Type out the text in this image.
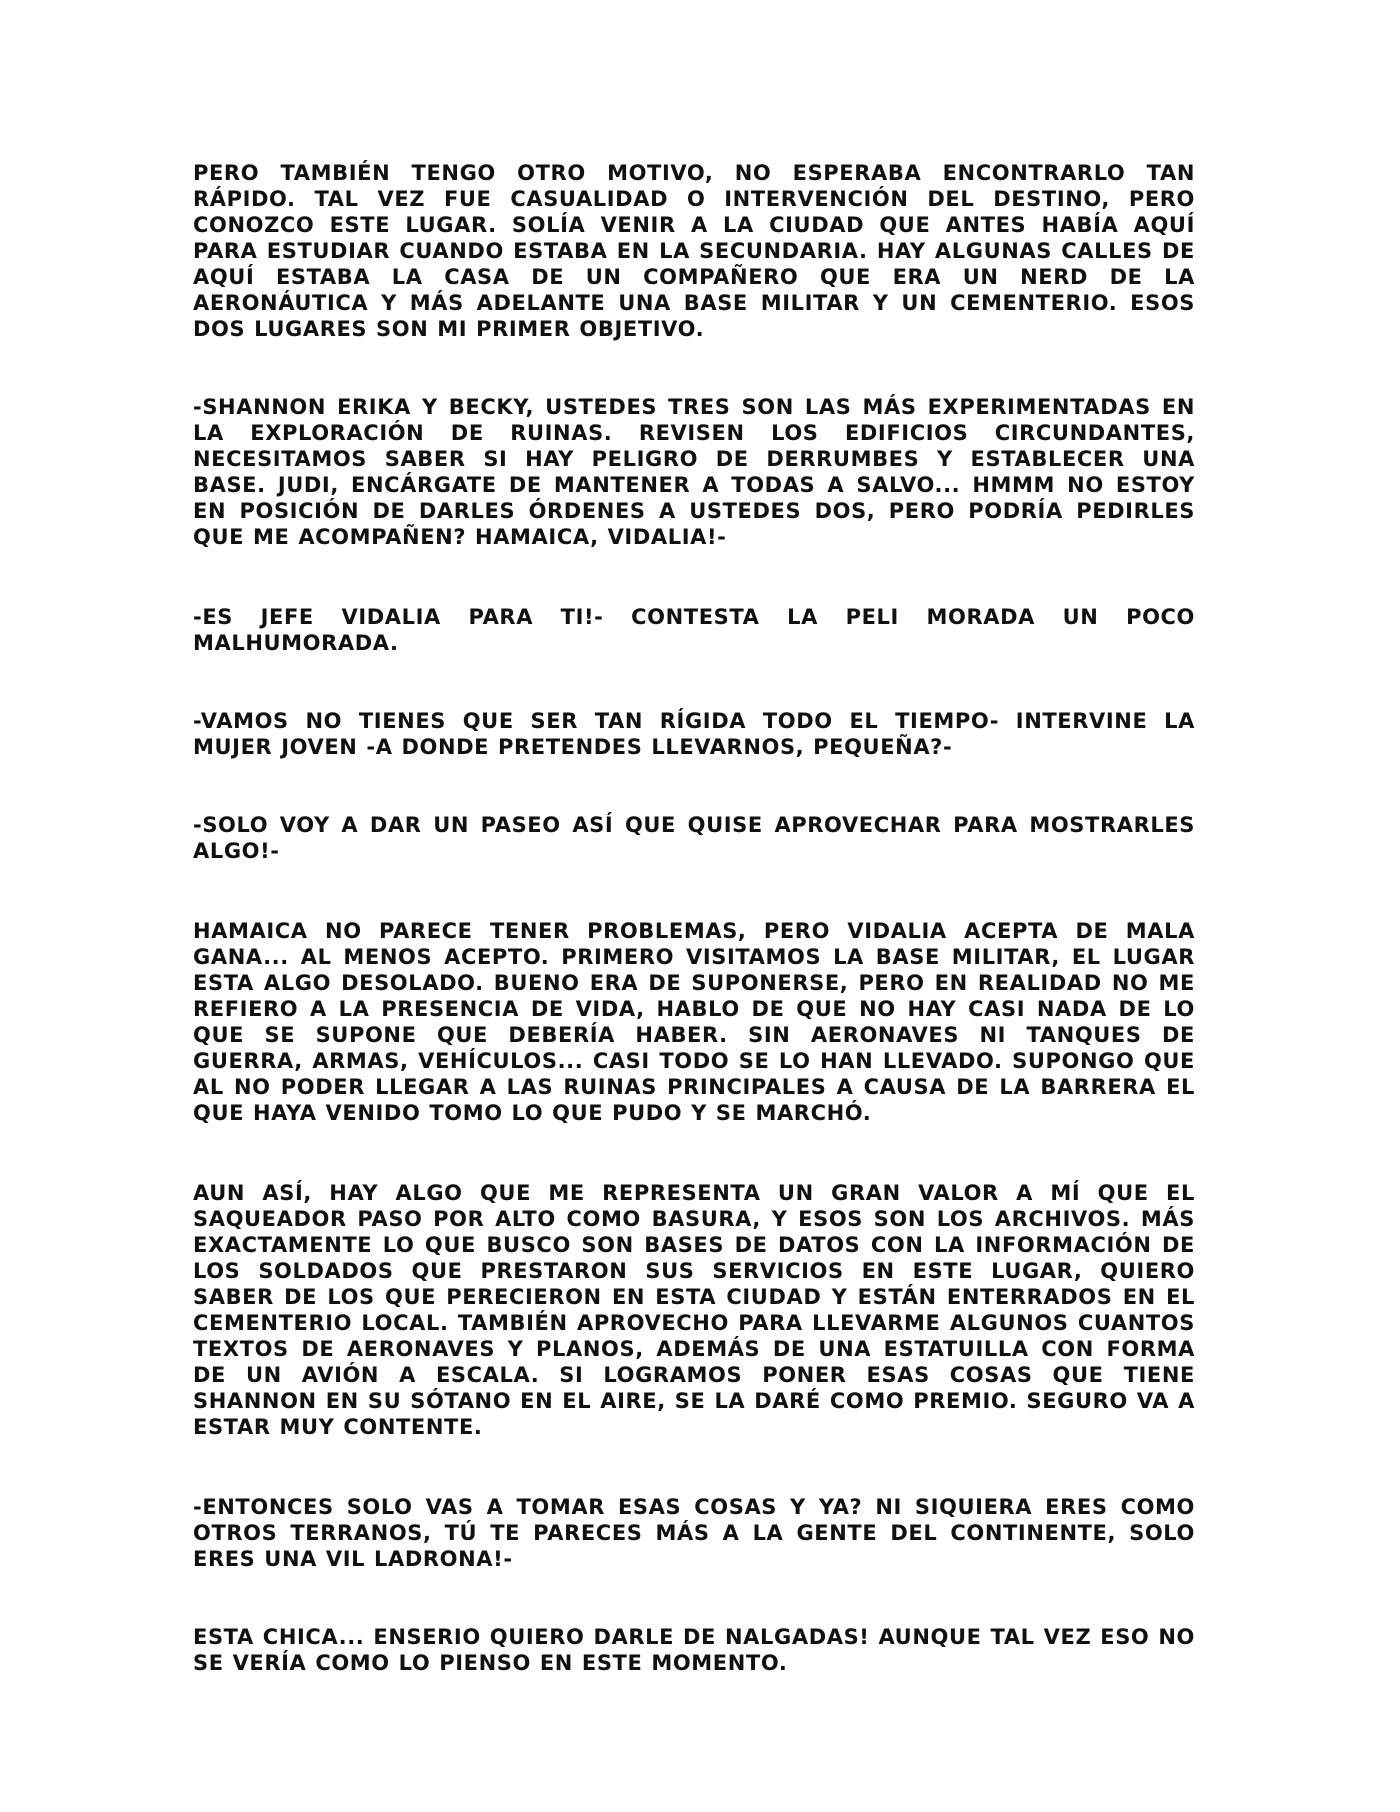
PERO TAMBIÉN TENGO OTRO MOTIVO, NO ESPERABA ENCONTRARLO TAN RÁPIDO. TAL VEZ FUE CASUALIDAD O INTERVENCIÓN DEL DESTINO, PERO CONOZCO ESTE LUGAR. SOLÍA VENIR A LA CIUDAD QUE ANTES HABÍA AQUÍ PARA ESTUDIAR CUANDO ESTABA EN LA SECUNDARIA. HAY ALGUNAS CALLES DE AQUÍ ESTABA LA CASA DE UN COMPAÑERO QUE ERA UN NERD DE LA AERONÁUTICA Y MÁS ADELANTE UNA BASE MILITAR Y UN CEMENTERIO. ESOS DOS LUGARES SON MI PRIMER OBJETIVO.

-SHANNON ERIKA Y BECKY, USTEDES TRES SON LAS MÁS EXPERIMENTADAS EN LA EXPLORACIÓN DE RUINAS. REVISEN LOS EDIFICIOS CIRCUNDANTES, NECESITAMOS SABER SI HAY PELIGRO DE DERRUMBES Y ESTABLECER UNA BASE. JUDI, ENCÁRGATE DE MANTENER A TODAS A SALVO... HMMM NO ESTOY EN POSICIÓN DE DARLES ÓRDENES A USTEDES DOS, PERO PODRÍA PEDIRLES QUE ME ACOMPAÑEN? HAMAICA, VIDALIA!-

-ES JEFE VIDALIA PARA TI!- CONTESTA LA PELI MORADA UN POCO MALHUMORADA.

-VAMOS NO TIENES QUE SER TAN RÍGIDA TODO EL TIEMPO- INTERVINE LA MUJER JOVEN -A DONDE PRETENDES LLEVARNOS, PEQUEÑA?-

-SOLO VOY A DAR UN PASEO ASÍ QUE QUISE APROVECHAR PARA MOSTRARLES ALGO!-

HAMAICA NO PARECE TENER PROBLEMAS, PERO VIDALIA ACEPTA DE MALA GANA... AL MENOS ACEPTO. PRIMERO VISITAMOS LA BASE MILITAR, EL LUGAR ESTA ALGO DESOLADO. BUENO ERA DE SUPONERSE, PERO EN REALIDAD NO ME REFIERO A LA PRESENCIA DE VIDA, HABLO DE QUE NO HAY CASI NADA DE LO QUE SE SUPONE QUE DEBERÍA HABER. SIN AERONAVES NI TANQUES DE GUERRA, ARMAS, VEHÍCULOS... CASI TODO SE LO HAN LLEVADO. SUPONGO QUE AL NO PODER LLEGAR A LAS RUINAS PRINCIPALES A CAUSA DE LA BARRERA EL QUE HAYA VENIDO TOMO LO QUE PUDO Y SE MARCHÓ.

AUN ASÍ, HAY ALGO QUE ME REPRESENTA UN GRAN VALOR A MÍ QUE EL SAQUEADOR PASO POR ALTO COMO BASURA, Y ESOS SON LOS ARCHIVOS. MÁS EXACTAMENTE LO QUE BUSCO SON BASES DE DATOS CON LA INFORMACIÓN DE LOS SOLDADOS QUE PRESTARON SUS SERVICIOS EN ESTE LUGAR, QUIERO SABER DE LOS QUE PERECIERON EN ESTA CIUDAD Y ESTÁN ENTERRADOS EN EL CEMENTERIO LOCAL. TAMBIÉN APROVECHO PARA LLEVARME ALGUNOS CUANTOS TEXTOS DE AERONAVES Y PLANOS, ADEMÁS DE UNA ESTATUILLA CON FORMA DE UN AVIÓN A ESCALA. SI LOGRAMOS PONER ESAS COSAS QUE TIENE SHANNON EN SU SÓTANO EN EL AIRE, SE LA DARÉ COMO PREMIO. SEGURO VA A ESTAR MUY CONTENTE.

-ENTONCES SOLO VAS A TOMAR ESAS COSAS Y YA? NI SIQUIERA ERES COMO OTROS TERRANOS, TÚ TE PARECES MÁS A LA GENTE DEL CONTINENTE, SOLO ERES UNA VIL LADRONA!-

ESTA CHICA... ENSERIO QUIERO DARLE DE NALGADAS! AUNQUE TAL VEZ ESO NO SE VERÍA COMO LO PIENSO EN ESTE MOMENTO.
